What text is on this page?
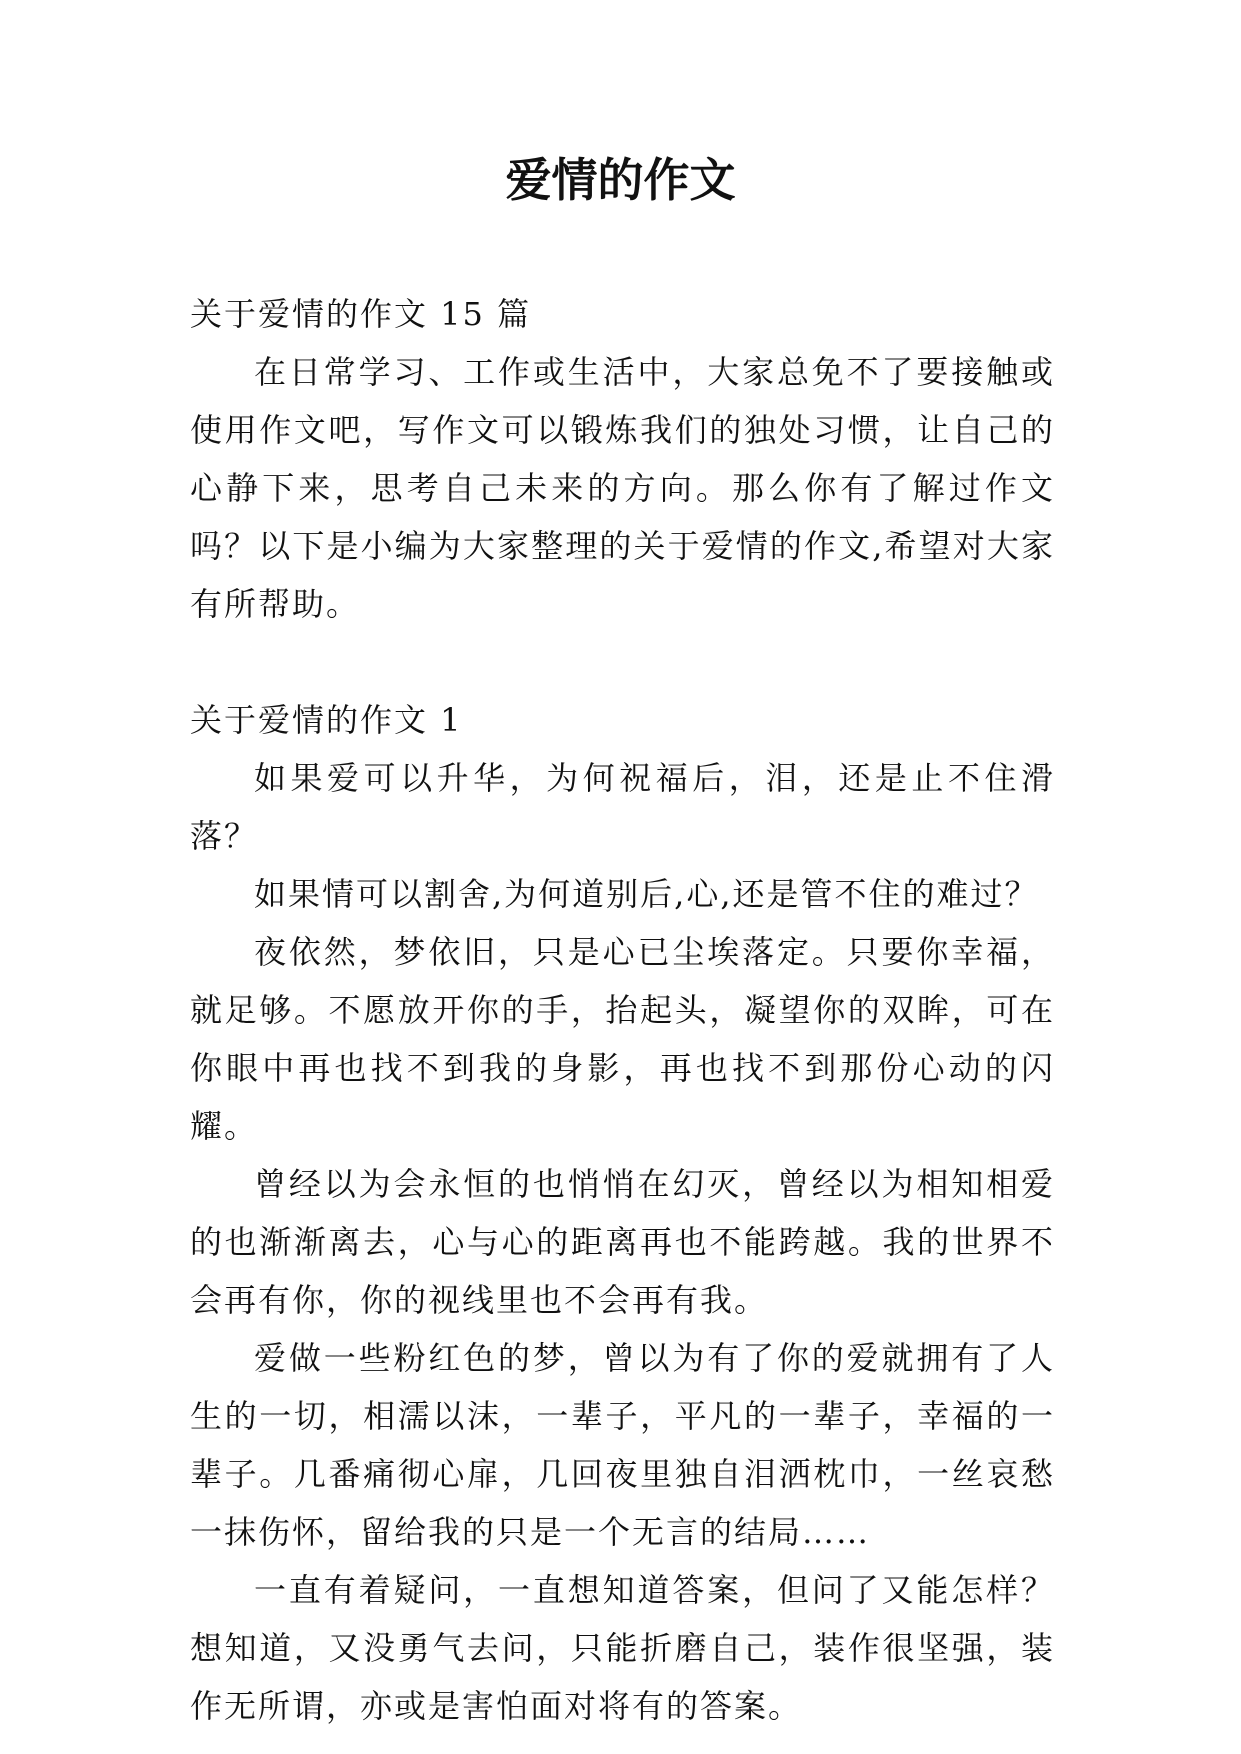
爱情的作文

关于爱情的作文 15 篇

在日常学习、工作或生活中，大家总免不了要接触或使用作文吧，写作文可以锻炼我们的独处习惯，让自己的心静下来，思考自己未来的方向。那么你有了解过作文吗？以下是小编为大家整理的关于爱情的作文,希望对大家有所帮助。

关于爱情的作文 1

如果爱可以升华，为何祝福后，泪，还是止不住滑落？

如果情可以割舍,为何道别后,心,还是管不住的难过？

夜依然，梦依旧，只是心已尘埃落定。只要你幸福，就足够。不愿放开你的手，抬起头，凝望你的双眸，可在你眼中再也找不到我的身影，再也找不到那份心动的闪耀。

曾经以为会永恒的也悄悄在幻灭，曾经以为相知相爱的也渐渐离去，心与心的距离再也不能跨越。我的世界不会再有你，你的视线里也不会再有我。

爱做一些粉红色的梦，曾以为有了你的爱就拥有了人生的一切，相濡以沫，一辈子，平凡的一辈子，幸福的一辈子。几番痛彻心扉，几回夜里独自泪洒枕巾，一丝哀愁一抹伤怀，留给我的只是一个无言的结局……

一直有着疑问，一直想知道答案，但问了又能怎样？想知道，又没勇气去问，只能折磨自己，装作很坚强，装作无所谓，亦或是害怕面对将有的答案。
